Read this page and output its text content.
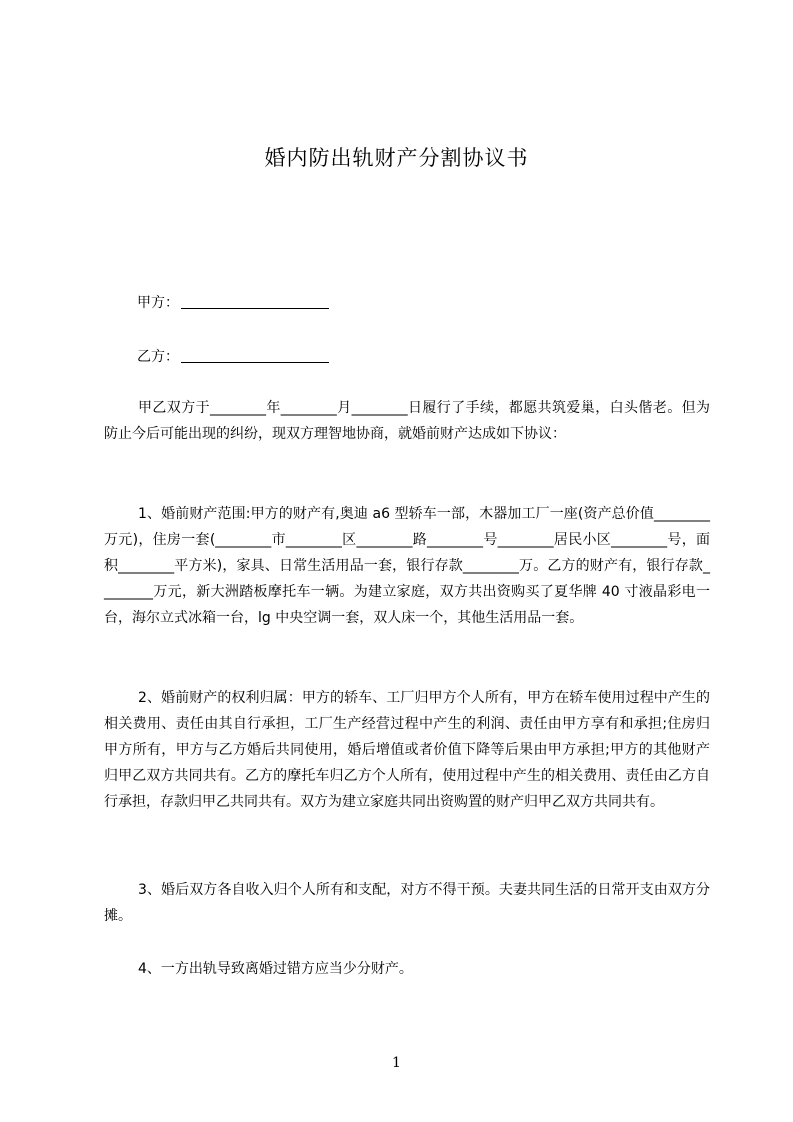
婚内防出轨财产分割协议书
甲方：
乙方：

甲乙双方于________年________月________日履行了手续，都愿共筑爱巢，白头偕老。但为防止今后可能出现的纠纷，现双方理智地协商，就婚前财产达成如下协议：

1、婚前财产范围:甲方的财产有,奥迪 a6 型轿车一部，木器加工厂一座(资产总价值________万元)，住房一套(________市________区________路________号________居民小区________号，面积________平方米)，家具、日常生活用品一套，银行存款________万。乙方的财产有，银行存款________万元，新大洲踏板摩托车一辆。为建立家庭，双方共出资购买了夏华牌 40 寸液晶彩电一台，海尔立式冰箱一台，lg 中央空调一套，双人床一个，其他生活用品一套。

2、婚前财产的权利归属：甲方的轿车、工厂归甲方个人所有，甲方在轿车使用过程中产生的相关费用、责任由其自行承担，工厂生产经营过程中产生的利润、责任由甲方享有和承担;住房归甲方所有，甲方与乙方婚后共同使用，婚后增值或者价值下降等后果由甲方承担;甲方的其他财产归甲乙双方共同共有。乙方的摩托车归乙方个人所有，使用过程中产生的相关费用、责任由乙方自行承担，存款归甲乙共同共有。双方为建立家庭共同出资购置的财产归甲乙双方共同共有。

3、婚后双方各自收入归个人所有和支配，对方不得干预。夫妻共同生活的日常开支由双方分摊。

4、一方出轨导致离婚过错方应当少分财产。

1
